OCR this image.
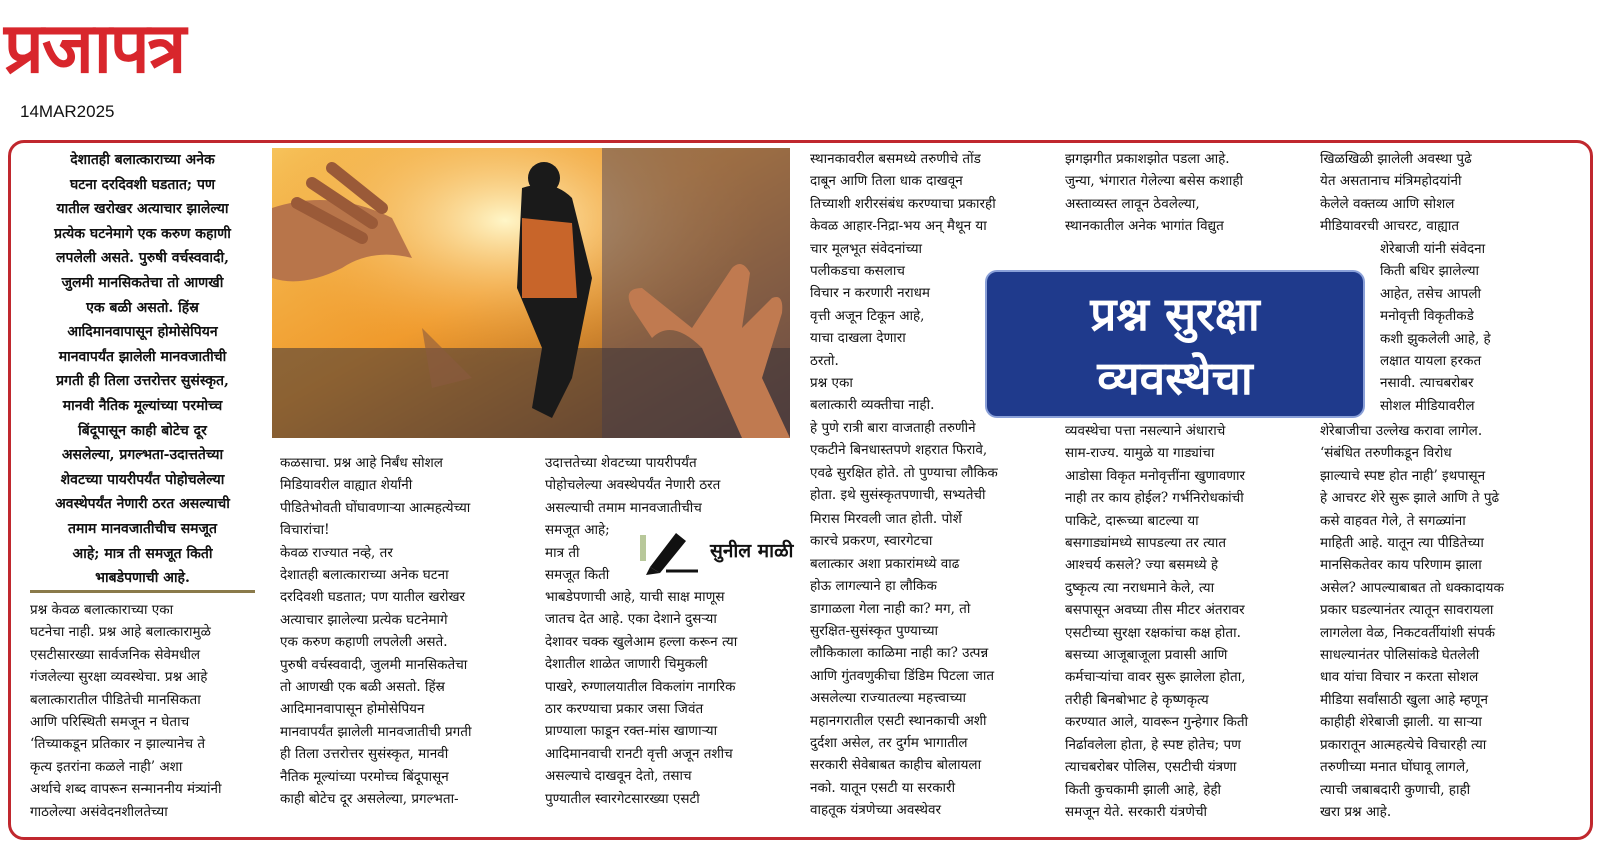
प्रजापत्र
14MAR2025
देशातही बलात्काराच्या अनेक
घटना दरदिवशी घडतात; पण
यातील खरोखर अत्याचार झालेल्या
प्रत्येक घटनेमागे एक करुण कहाणी
लपलेली असते. पुरुषी वर्चस्ववादी,
जुलमी मानसिकतेचा तो आणखी
एक बळी असतो. हिंस्र
आदिमानवापासून होमोसेपियन
मानवापर्यंत झालेली मानवजातीची
प्रगती ही तिला उत्तरोत्तर सुसंस्कृत,
मानवी नैतिक मूल्यांच्या परमोच्च
बिंदूपासून काही बोटेच दूर
असलेल्या, प्रगल्भता-उदात्ततेच्या
शेवटच्या पायरीपर्यंत पोहोचलेल्या
अवस्थेपर्यंत नेणारी ठरत असल्याची
तमाम मानवजातीचीच समजूत
आहे; मात्र ती समजूत किती
भाबडेपणाची आहे.
प्रश्न केवळ बलात्काराच्या एका
घटनेचा नाही. प्रश्न आहे बलात्कारामुळे
एसटीसारख्या सार्वजनिक सेवेमधील
गंजलेल्या सुरक्षा व्यवस्थेचा. प्रश्न आहे
बलात्कारातील पीडितेची मानसिकता
आणि परिस्थिती समजून न घेताच
‘तिच्याकडून प्रतिकार न झाल्यानेच ते
कृत्य इतरांना कळले नाही’ अशा
अर्थाचे शब्द वापरून सन्माननीय मंत्र्यांनी
गाठलेल्या असंवेदनशीलतेच्या
कळसाचा. प्रश्न आहे निर्बंध सोशल
मिडियावरील वाह्यात शेर्यांनी
पीडितेभोवती घोंघावणाऱ्या आत्महत्येच्या
विचारांचा!
केवळ राज्यात नव्हे, तर
देशातही बलात्काराच्या अनेक घटना
दरदिवशी घडतात; पण यातील खरोखर
अत्याचार झालेल्या प्रत्येक घटनेमागे
एक करुण कहाणी लपलेली असते.
पुरुषी वर्चस्ववादी, जुलमी मानसिकतेचा
तो आणखी एक बळी असतो. हिंस्र
आदिमानवापासून होमोसेपियन
मानवापर्यंत झालेली मानवजातीची प्रगती
ही तिला उत्तरोत्तर सुसंस्कृत, मानवी
नैतिक मूल्यांच्या परमोच्च बिंदूपासून
काही बोटेच दूर असलेल्या, प्रगल्भता-
उदात्ततेच्या शेवटच्या पायरीपर्यंत
पोहोचलेल्या अवस्थेपर्यंत नेणारी ठरत
असल्याची तमाम मानवजातीचीच
समजूत आहे;
मात्र ती
समजूत किती
सुनील माळी
भाबडेपणाची आहे, याची साक्ष माणूस
जातच देत आहे. एका देशाने दुसऱ्या
देशावर चक्क खुलेआम हल्ला करून त्या
देशातील शाळेत जाणारी चिमुकली
पाखरे, रुग्णालयातील विकलांग नागरिक
ठार करण्याचा प्रकार जसा जिवंत
प्राण्याला फाडून रक्त-मांस खाणाऱ्या
आदिमानवाची रानटी वृत्ती अजून तशीच
असल्याचे दाखवून देतो, तसाच
पुण्यातील स्वारगेटसारख्या एसटी
स्थानकावरील बसमध्ये तरुणीचे तोंड
दाबून आणि तिला धाक दाखवून
तिच्याशी शरीरसंबंध करण्याचा प्रकारही
केवळ आहार-निद्रा-भय अन् मैथून या
चार मूलभूत संवेदनांच्या
पलीकडचा कसलाच
विचार न करणारी नराधम
वृत्ती अजून टिकून आहे,
याचा दाखला देणारा
ठरतो.
प्रश्न एका
बलात्कारी व्यक्तीचा नाही.
हे पुणे रात्री बारा वाजताही तरुणीने
एकटीने बिनधास्तपणे शहरात फिरावे,
एवढे सुरक्षित होते. तो पुण्याचा लौकिक
होता. इथे सुसंस्कृतपणाची, सभ्यतेची
मिरास मिरवली जात होती. पोर्शे
कारचे प्रकरण, स्वारगेटचा
बलात्कार अशा प्रकारांमध्ये वाढ
होऊ लागल्याने हा लौकिक
डागाळला गेला नाही का? मग, तो
सुरक्षित-सुसंस्कृत पुण्याच्या
लौकिकाला काळिमा नाही का? उत्पन्न
आणि गुंतवणुकीचा डिंडिम पिटला जात
असलेल्या राज्यातल्या महत्त्वाच्या
महानगरातील एसटी स्थानकाची अशी
दुर्दशा असेल, तर दुर्गम भागातील
सरकारी सेवेबाबत काहीच बोलायला
नको. यातून एसटी या सरकारी
वाहतूक यंत्रणेच्या अवस्थेवर
झगझगीत प्रकाशझोत पडला आहे.
जुन्या, भंगारात गेलेल्या बसेस कशाही
अस्ताव्यस्त लावून ठेवलेल्या,
स्थानकातील अनेक भागांत विद्युत
प्रश्न सुरक्षा
व्यवस्थेचा
व्यवस्थेचा पत्ता नसल्याने अंधाराचे
साम-राज्य. यामुळे या गाड्यांचा
आडोसा विकृत मनोवृत्तींना खुणावणार
नाही तर काय होईल? गर्भनिरोधकांची
पाकिटे, दारूच्या बाटल्या या
बसगाड्यांमध्ये सापडल्या तर त्यात
आश्चर्य कसले? ज्या बसमध्ये हे
दुष्कृत्य त्या नराधमाने केले, त्या
बसपासून अवघ्या तीस मीटर अंतरावर
एसटीच्या सुरक्षा रक्षकांचा कक्ष होता.
बसच्या आजूबाजूला प्रवासी आणि
कर्मचाऱ्यांचा वावर सुरू झालेला होता,
तरीही बिनबोभाट हे कृष्णकृत्य
करण्यात आले, यावरून गुन्हेगार किती
निर्ढावलेला होता, हे स्पष्ट होतेच; पण
त्याचबरोबर पोलिस, एसटीची यंत्रणा
किती कुचकामी झाली आहे, हेही
समजून येते. सरकारी यंत्रणेची
खिळखिळी झालेली अवस्था पुढे
येत असतानाच मंत्रिमहोदयांनी
केलेले वक्तव्य आणि सोशल
मीडियावरची आचरट, वाह्यात
शेरेबाजी यांनी संवेदना
किती बधिर झालेल्या
आहेत, तसेच आपली
मनोवृत्ती विकृतीकडे
कशी झुकलेली आहे, हे
लक्षात यायला हरकत
नसावी. त्याचबरोबर
सोशल मीडियावरील
शेरेबाजीचा उल्लेख करावा लागेल.
‘संबंधित तरुणीकडून विरोध
झाल्याचे स्पष्ट होत नाही’ इथपासून
हे आचरट शेरे सुरू झाले आणि ते पुढे
कसे वाहवत गेले, ते सगळ्यांना
माहिती आहे. यातून त्या पीडितेच्या
मानसिकतेवर काय परिणाम झाला
असेल? आपल्याबाबत तो धक्कादायक
प्रकार घडल्यानंतर त्यातून सावरायला
लागलेला वेळ, निकटवर्तीयांशी संपर्क
साधल्यानंतर पोलिसांकडे घेतलेली
धाव यांचा विचार न करता सोशल
मीडिया सर्वांसाठी खुला आहे म्हणून
काहीही शेरेबाजी झाली. या साऱ्या
प्रकारातून आत्महत्येचे विचारही त्या
तरुणीच्या मनात घोंघावू लागले,
त्याची जबाबदारी कुणाची, हाही
खरा प्रश्न आहे.
